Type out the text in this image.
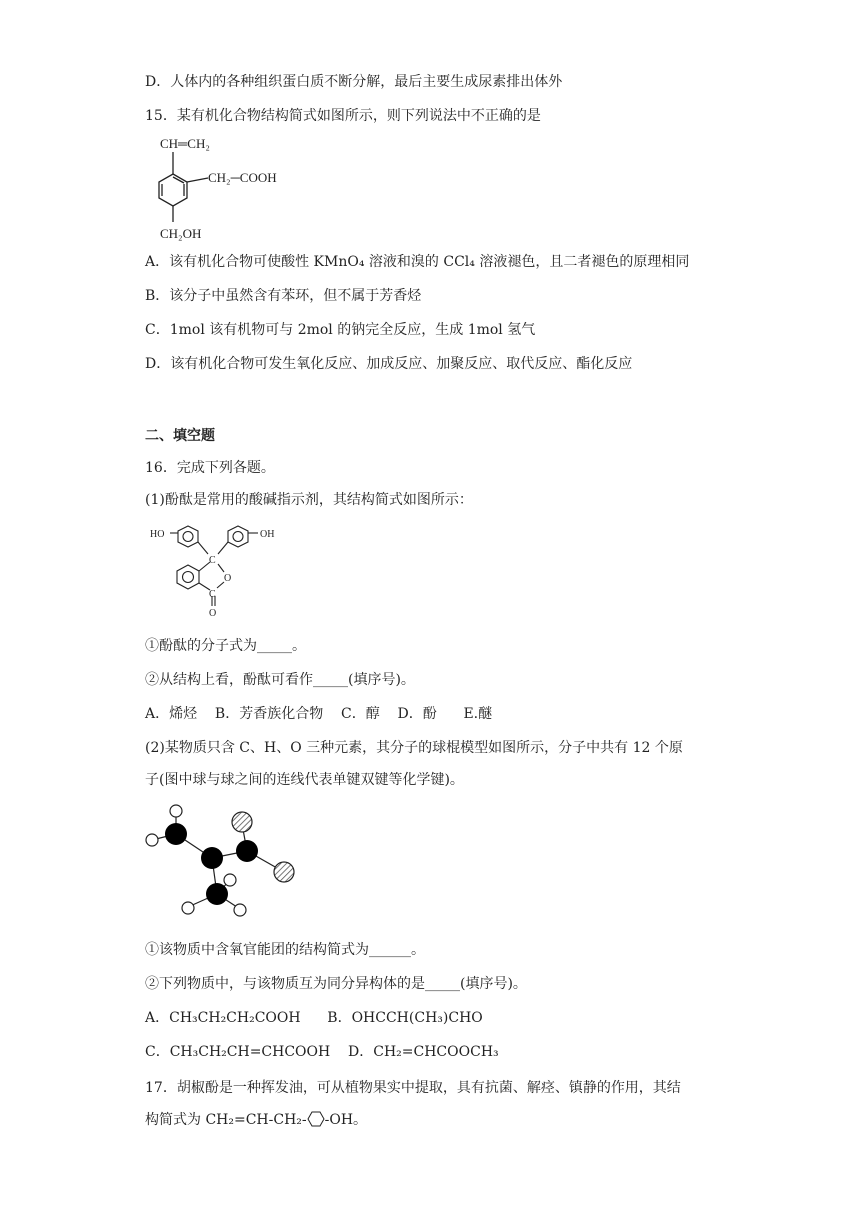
D．人体内的各种组织蛋白质不断分解，最后主要生成尿素排出体外
15．某有机化合物结构简式如图所示，则下列说法中不正确的是
CH═CH₂
CH₂─COOH
CH₂OH
A．该有机化合物可使酸性 KMnO₄ 溶液和溴的 CCl₄ 溶液褪色，且二者褪色的原理相同
B．该分子中虽然含有苯环，但不属于芳香烃
C．1mol 该有机物可与 2mol 的钠完全反应，生成 1mol 氢气
D．该有机化合物可发生氧化反应、加成反应、加聚反应、取代反应、酯化反应
二、填空题
16．完成下列各题。
(1)酚酞是常用的酸碱指示剂，其结构简式如图所示：
HO	OH
C
O
C
O
①酚酞的分子式为_____。
②从结构上看，酚酞可看作_____(填序号)。
A．烯烃    B．芳香族化合物    C．醇    D．酚      E.醚
(2)某物质只含 C、H、O 三种元素，其分子的球棍模型如图所示，分子中共有 12 个原
子(图中球与球之间的连线代表单键双键等化学键)。
①该物质中含氧官能团的结构简式为______。
②下列物质中，与该物质互为同分异构体的是_____(填序号)。
A．CH₃CH₂CH₂COOH      B．OHCCH(CH₃)CHO
C．CH₃CH₂CH=CHCOOH    D．CH₂=CHCOOCH₃
17．胡椒酚是一种挥发油，可从植物果实中提取，具有抗菌、解痉、镇静的作用，其结
构简式为 CH₂=CH-CH₂- -OH。
